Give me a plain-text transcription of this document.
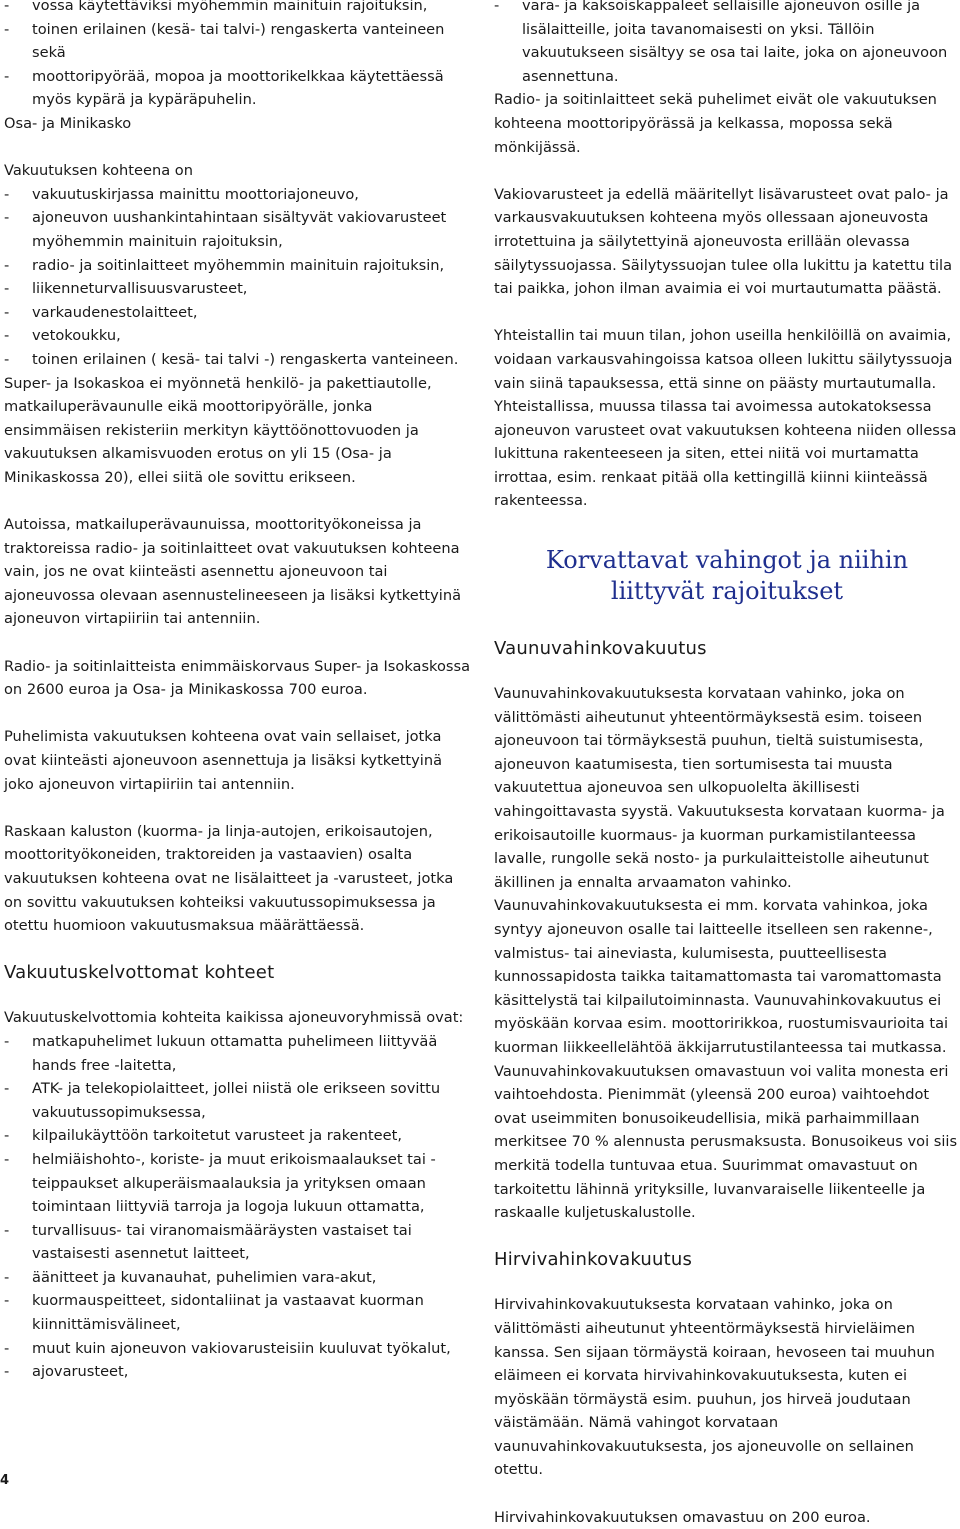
- vossa käytettäviksi myöhemmin mainituin rajoituksin,
- toinen erilainen (kesä- tai talvi-) rengaskerta vanteineen sekä
- moottoripyörää, mopoa ja moottorikelkkaa käytettäessä myös kypärä ja kypäräpuhelin.

Osa- ja Minikasko

Vakuutuksen kohteena on

- vakuutuskirjassa mainittu moottoriajoneuvo,
- ajoneuvon uushankintahintaan sisältyvät vakiovarusteet myöhemmin mainituin rajoituksin,
- radio- ja soitinlaitteet myöhemmin mainituin rajoituksin,
- liikenneturvallisuusvarusteet,
- varkaudenestolaitteet,
- vetokoukku,
- toinen erilainen ( kesä- tai talvi -) rengaskerta vanteineen.

Super- ja Isokaskoa ei myönnetä henkilö- ja pakettiautolle, matkailuperävaunulle eikä moottoripyörälle, jonka ensimmäisen rekisteriin merkityn käyttöönottovuoden ja vakuutuksen alkamisvuoden erotus on yli 15 (Osa- ja Minikaskossa 20), ellei siitä ole sovittu erikseen.

Autoissa, matkailuperävaunuissa, moottorityökoneissa ja traktoreissa radio- ja soitinlaitteet ovat vakuutuksen kohteena vain, jos ne ovat kiinteästi asennettu ajoneuvoon tai ajoneuvossa olevaan asennustelineeseen ja lisäksi kytkettyinä ajoneuvon virtapiiriin tai antenniin.

Radio- ja soitinlaitteista enimmäiskorvaus Super- ja Isokaskossa on 2600 euroa ja Osa- ja Minikaskossa 700 euroa.

Puhelimista vakuutuksen kohteena ovat vain sellaiset, jotka ovat kiinteästi ajoneuvoon asennettuja ja lisäksi kytkettyinä joko ajoneuvon virtapiiriin tai antenniin.

Raskaan kaluston (kuorma- ja linja-autojen, erikoisautojen, moottorityökoneiden, traktoreiden ja vastaavien) osalta vakuutuksen kohteena ovat ne lisälaitteet ja -varusteet, jotka on sovittu vakuutuksen kohteiksi vakuutussopimuksessa ja otettu huomioon vakuutusmaksua määrättäessä.

Vakuutuskelvottomat kohteet

Vakuutuskelvottomia kohteita kaikissa ajoneuvoryhmissä ovat:

- matkapuhelimet lukuun ottamatta puhelimeen liittyvää hands free -laitetta,
- ATK- ja telekopiolaitteet, jollei niistä ole erikseen sovittu vakuutussopimuksessa,
- kilpailukäyttöön tarkoitetut varusteet ja rakenteet,
- helmiäishohto-, koriste- ja muut erikoismaalaukset tai -teippaukset alkuperäismaalauksia ja yrityksen omaan toimintaan liittyviä tarroja ja logoja lukuun ottamatta,
- turvallisuus- tai viranomaismääräysten vastaiset tai vastaisesti asennetut laitteet,
- äänitteet ja kuvanauhat, puhelimien vara-akut,
- kuormauspeitteet, sidontaliinat ja vastaavat kuorman kiinnittämisvälineet,
- muut kuin ajoneuvon vakiovarusteisiin kuuluvat työkalut,
- ajovarusteet,
- vara- ja kaksoiskappaleet sellaisille ajoneuvon osille ja lisälaitteille, joita tavanomaisesti on yksi. Tällöin vakuutukseen sisältyy se osa tai laite, joka on ajoneuvoon asennettuna.

Radio- ja soitinlaitteet sekä puhelimet eivät ole vakuutuksen kohteena moottoripyörässä ja kelkassa, mopossa sekä mönkijässä.

Vakiovarusteet ja edellä määritellyt lisävarusteet ovat palo- ja varkausvakuutuksen kohteena myös ollessaan ajoneuvosta irrotettuina ja säilytettyinä ajoneuvosta erillään olevassa säilytyssuojassa. Säilytyssuojan tulee olla lukittu ja katettu tila tai paikka, johon ilman avaimia ei voi murtautumatta päästä.

Yhteistallin tai muun tilan, johon useilla henkilöillä on avaimia, voidaan varkausvahingoissa katsoa olleen lukittu säilytyssuoja vain siinä tapauksessa, että sinne on päästy murtautumalla. Yhteistallissa, muussa tilassa tai avoimessa autokatoksessa ajoneuvon varusteet ovat vakuutuksen kohteena niiden ollessa lukittuna rakenteeseen ja siten, ettei niitä voi murtamatta irrottaa, esim. renkaat pitää olla kettingillä kiinni kiinteässä rakenteessa.

Korvattavat vahingot ja niihin
liittyvät rajoitukset
Vaunuvahinkovakuutus

Vaunuvahinkovakuutuksesta korvataan vahinko, joka on välittömästi aiheutunut yhteentörmäyksestä esim. toiseen ajoneuvoon tai törmäyksestä puuhun, tieltä suistumisesta, ajoneuvon kaatumisesta, tien sortumisesta tai muusta vakuutettua ajoneuvoa sen ulkopuolelta äkillisesti vahingoittavasta syystä. Vakuutuksesta korvataan kuorma- ja erikoisautoille kuormaus- ja kuorman purkamistilanteessa lavalle, rungolle sekä nosto- ja purkulaitteistolle aiheutunut äkillinen ja ennalta arvaamaton vahinko. Vaunuvahinkovakuutuksesta ei mm. korvata vahinkoa, joka syntyy ajoneuvon osalle tai laitteelle itselleen sen rakenne-, valmistus- tai aineviasta, kulumisesta, puutteellisesta kunnossapidosta taikka taitamattomasta tai varomattomasta käsittelystä tai kilpailutoiminnasta. Vaunuvahinkovakuutus ei myöskään korvaa esim. moottoririkkoa, ruostumisvaurioita tai kuorman liikkeellelähtöä äkkijarrutustilanteessa tai mutkassa. Vaunuvahinkovakuutuksen omavastuun voi valita monesta eri vaihtoehdosta. Pienimmät (yleensä 200 euroa) vaihtoehdot ovat useimmiten bonusoikeudellisia, mikä parhaimmillaan merkitsee 70 % alennusta perusmaksusta. Bonusoikeus voi siis merkitä todella tuntuvaa etua. Suurimmat omavastuut on tarkoitettu lähinnä yrityksille, luvanvaraiselle liikenteelle ja raskaalle kuljetuskalustolle.

Hirvivahinkovakuutus

Hirvivahinkovakuutuksesta korvataan vahinko, joka on välittömästi aiheutunut yhteentörmäyksestä hirvieläimen kanssa. Sen sijaan törmäystä koiraan, hevoseen tai muuhun eläimeen ei korvata hirvivahinkovakuutuksesta, kuten ei myöskään törmäystä esim. puuhun, jos hirveä joudutaan väistämään. Nämä vahingot korvataan vaunuvahinkovakuutuksesta, jos ajoneuvolle on sellainen otettu.

Hirvivahinkovakuutuksen omavastuu on 200 euroa.

4
